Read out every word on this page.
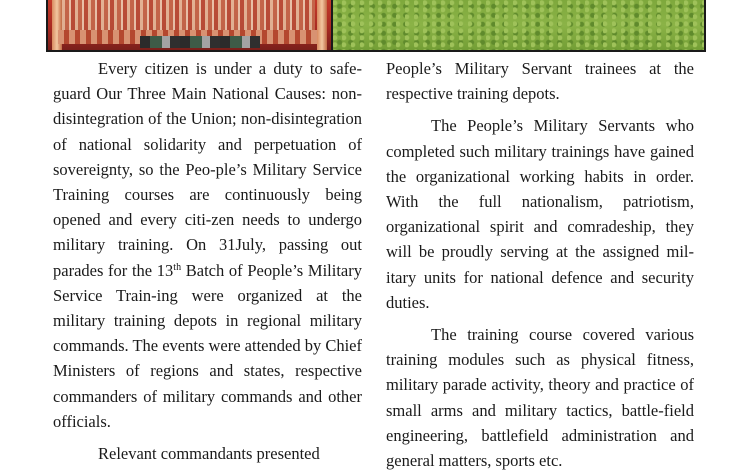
Every citizen is under a duty to safe-guard Our Three Main National Causes: non-disintegration of the Union; non-disintegration of national solidarity and perpetuation of sovereignty, so the Peo-ple’s Military Service Training courses are continuously being opened and every citi-zen needs to undergo military training. On 31July, passing out parades for the 13th Batch of People’s Military Service Train-ing were organized at the military training depots in regional military commands. The events were attended by Chief Ministers of regions and states, respective commanders of military commands and other officials.

Relevant commandants presented

People’s Military Servant trainees at the respective training depots.

The People’s Military Servants who completed such military trainings have gained the organizational working habits in order. With the full nationalism, patriotism, organizational spirit and comradeship, they will be proudly serving at the assigned mil-itary units for national defence and security duties.

The training course covered various training modules such as physical fitness, military parade activity, theory and practice of small arms and military tactics, battle-field engineering, battlefield administration and general matters, sports etc.
